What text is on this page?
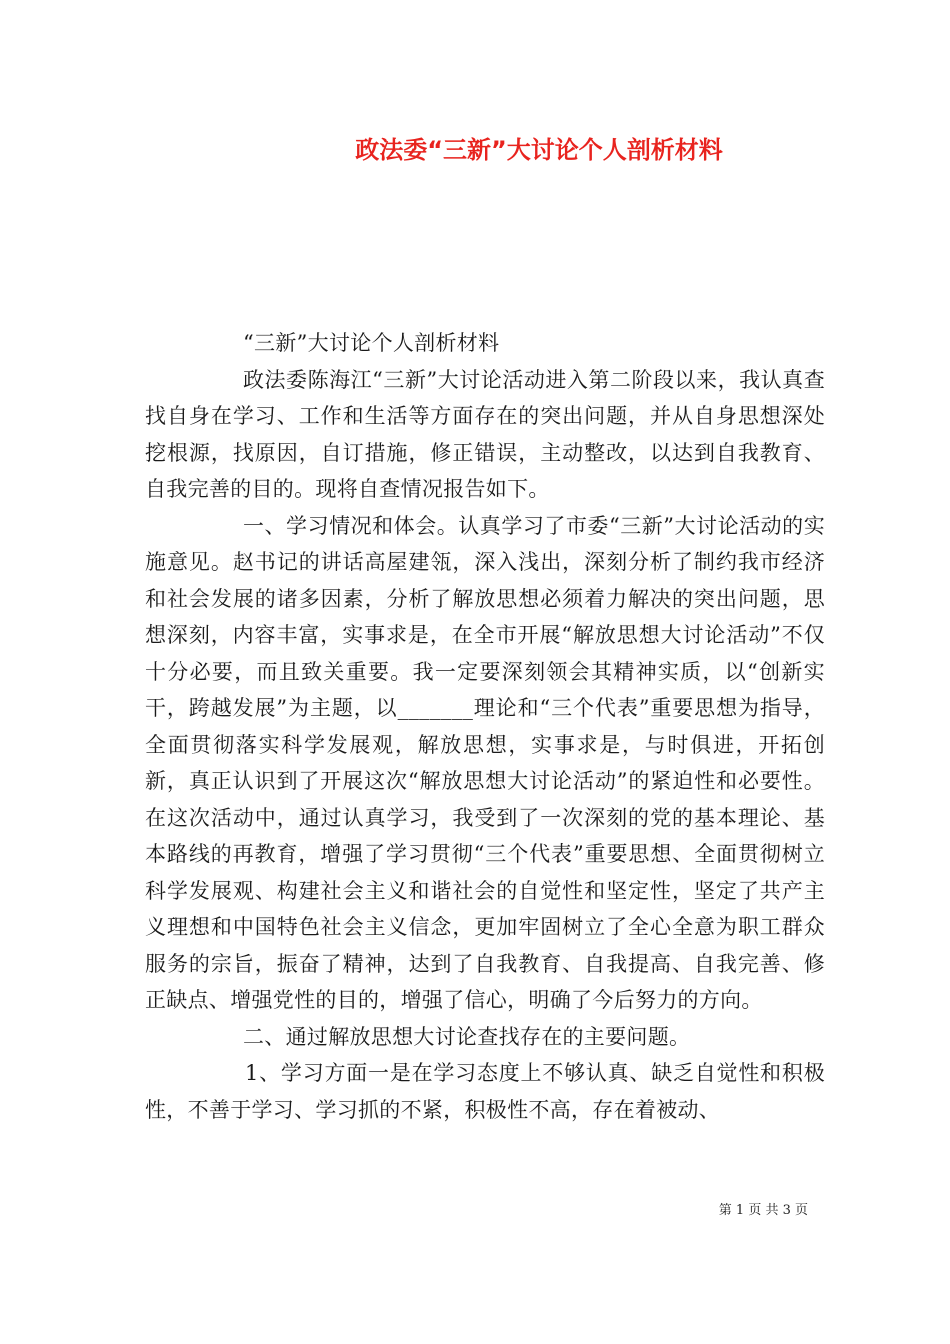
政法委“三新”大讨论个人剖析材料

“三新”大讨论个人剖析材料

政法委陈海江“三新”大讨论活动进入第二阶段以来，我认真查找自身在学习、工作和生活等方面存在的突出问题，并从自身思想深处挖根源，找原因，自订措施，修正错误，主动整改，以达到自我教育、自我完善的目的。现将自查情况报告如下。

一、学习情况和体会。认真学习了市委“三新”大讨论活动的实施意见。赵书记的讲话高屋建瓴，深入浅出，深刻分析了制约我市经济和社会发展的诸多因素，分析了解放思想必须着力解决的突出问题，思想深刻，内容丰富，实事求是，在全市开展“解放思想大讨论活动”不仅十分必要，而且致关重要。我一定要深刻领会其精神实质，以“创新实干，跨越发展”为主题，以_______理论和“三个代表”重要思想为指导，全面贯彻落实科学发展观，解放思想，实事求是，与时俱进，开拓创新，真正认识到了开展这次“解放思想大讨论活动”的紧迫性和必要性。在这次活动中，通过认真学习，我受到了一次深刻的党的基本理论、基本路线的再教育，增强了学习贯彻“三个代表”重要思想、全面贯彻树立科学发展观、构建社会主义和谐社会的自觉性和坚定性，坚定了共产主义理想和中国特色社会主义信念，更加牢固树立了全心全意为职工群众服务的宗旨，振奋了精神，达到了自我教育、自我提高、自我完善、修正缺点、增强党性的目的，增强了信心，明确了今后努力的方向。

二、通过解放思想大讨论查找存在的主要问题。

1、学习方面一是在学习态度上不够认真、缺乏自觉性和积极性，不善于学习、学习抓的不紧，积极性不高，存在着被动、

第 1 页 共 3 页
